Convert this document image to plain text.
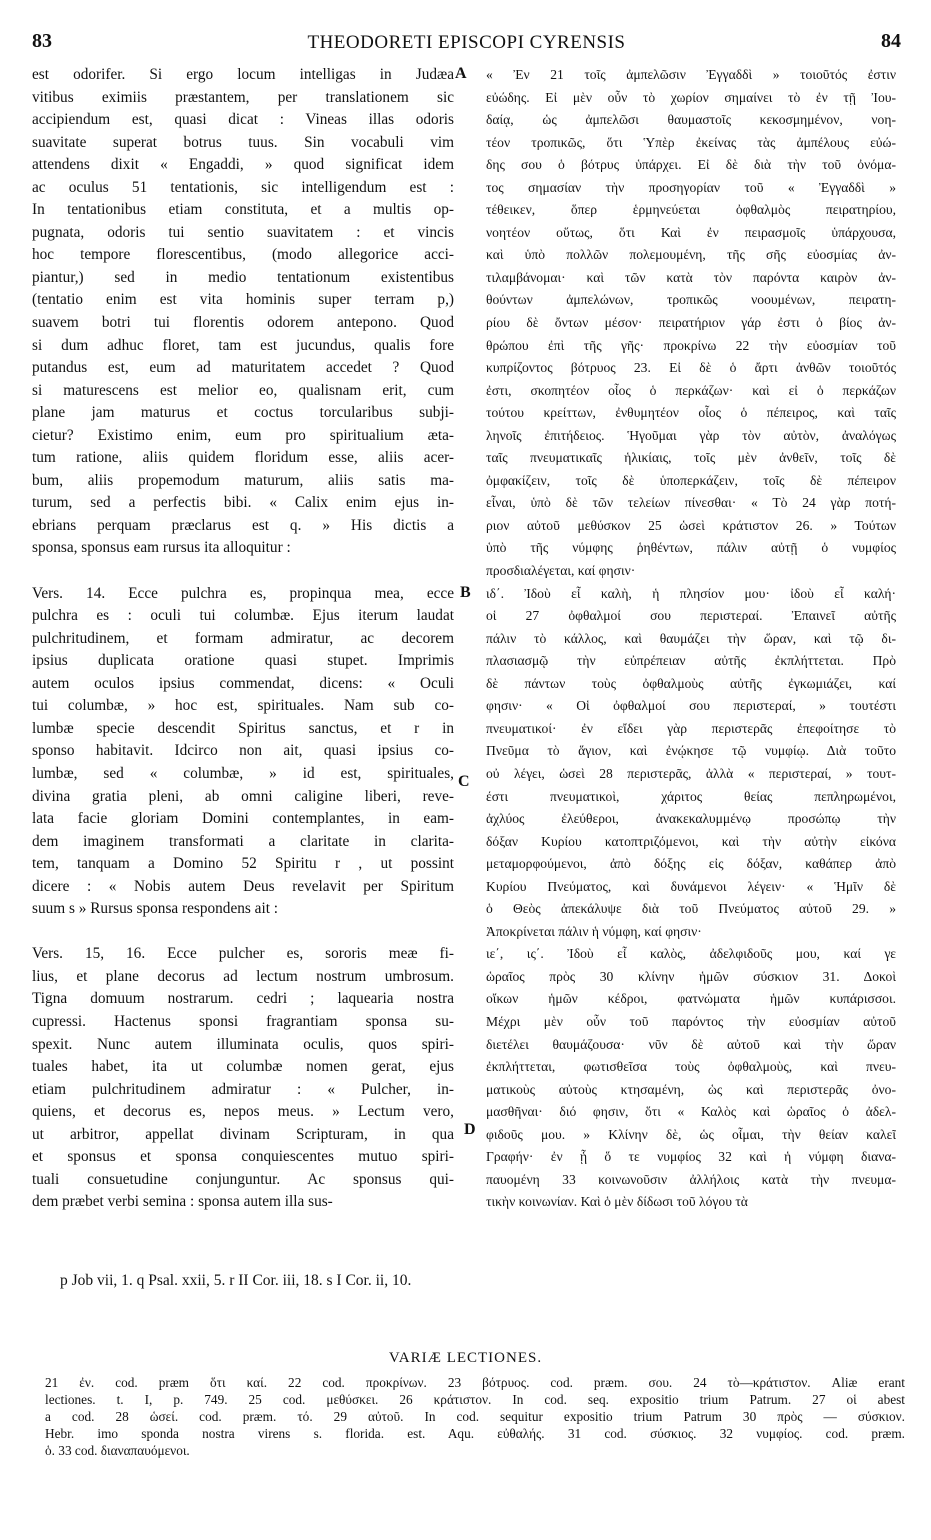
83	THEODORETI EPISCOPI CYRENSIS	84
A
B
C
D
est odorifer. Si ergo locum intelligas in Judæa
vitibus eximiis præstantem, per translationem sic
accipiendum est, quasi dicat : Vineas illas odoris
suavitate superat botrus tuus. Sin vocabuli vim
attendens dixit « Engaddi, » quod significat idem
ac oculus 51 tentationis, sic intelligendum est :
In tentationibus etiam constituta, et a multis op-
pugnata, odoris tui sentio suavitatem : et vincis
hoc tempore florescentibus, (modo allegorice acci-
piantur,) sed in medio tentationum existentibus
(tentatio enim est vita hominis super terram p,)
suavem botri tui florentis odorem antepono. Quod
si dum adhuc floret, tam est jucundus, qualis fore
putandus est, eum ad maturitatem accedet ? Quod
si maturescens est melior eo, qualisnam erit, cum
plane jam maturus et coctus torcularibus subji-
cietur? Existimo enim, eum pro spiritualium æta-
tum ratione, aliis quidem floridum esse, aliis acer-
bum, aliis propemodum maturum, aliis satis ma-
turum, sed a perfectis bibi. « Calix enim ejus in-
ebrians perquam præclarus est q. » His dictis a
sponsa, sponsus eam rursus ita alloquitur :
Vers. 14. Ecce pulchra es, propinqua mea, ecce
pulchra es : oculi tui columbæ. Ejus iterum laudat
pulchritudinem, et formam admiratur, ac decorem
ipsius duplicata oratione quasi stupet. Imprimis
autem oculos ipsius commendat, dicens: « Oculi
tui columbæ, » hoc est, spirituales. Nam sub co-
lumbæ specie descendit Spiritus sanctus, et r in
sponso habitavit. Idcirco non ait, quasi ipsius co-
lumbæ, sed « columbæ, » id est, spirituales,
divina gratia pleni, ab omni caligine liberi, reve-
lata facie gloriam Domini contemplantes, in eam-
dem imaginem transformati a claritate in clarita-
tem, tanquam a Domino 52 Spiritu r , ut possint
dicere : « Nobis autem Deus revelavit per Spiritum
suum s » Rursus sponsa respondens ait :
Vers. 15, 16. Ecce pulcher es, sororis meæ fi-
lius, et plane decorus ad lectum nostrum umbrosum.
Tigna domuum nostrarum. cedri ; laquearia nostra
cupressi. Hactenus sponsi fragrantiam sponsa su-
spexit. Nunc autem illuminata oculis, quos spiri-
tuales habet, ita ut columbæ nomen gerat, ejus
etiam pulchritudinem admiratur : « Pulcher, in-
quiens, et decorus es, nepos meus. » Lectum vero,
ut arbitror, appellat divinam Scripturam, in qua
et sponsus et sponsa conquiescentes mutuo spiri-
tuali consuetudine conjunguntur. Ac sponsus qui-
dem præbet verbi semina : sponsa autem illa sus-
« Ἐν 21 τοῖς ἀμπελῶσιν Ἐγγαδδὶ » τοιοῦτός ἐστιν
εὐώδης. Εἰ μὲν οὖν τὸ χωρίον σημαίνει τὸ ἐν τῇ Ἰου-
δαίᾳ, ὡς ἀμπελῶσι θαυμαστοῖς κεκοσμημένον, νοη-
τέον τροπικῶς, ὅτι Ὑπὲρ ἐκείνας τὰς ἀμπέλους εὐώ-
δης σου ὁ βότρυς ὑπάρχει. Εἰ δὲ διὰ τὴν τοῦ ὀνόμα-
τος σημασίαν τὴν προσηγορίαν τοῦ « Ἐγγαδδὶ »
τέθεικεν, ὅπερ ἑρμηνεύεται ὀφθαλμὸς πειρατηρίου,
νοητέον οὕτως, ὅτι Καὶ ἐν πειρασμοῖς ὑπάρχουσα,
καὶ ὑπὸ πολλῶν πολεμουμένη, τῆς σῆς εὐοσμίας ἀν-
τιλαμβάνομαι· καὶ τῶν κατὰ τὸν παρόντα καιρὸν ἀν-
θούντων ἀμπελώνων, τροπικῶς νοουμένων, πειρατη-
ρίου δὲ ὄντων μέσον· πειρατήριον γάρ ἐστι ὁ βίος ἀν-
θρώπου ἐπὶ τῆς γῆς· προκρίνω 22 τὴν εὐοσμίαν τοῦ
κυπρίζοντος βότρυος 23. Εἰ δὲ ὁ ἄρτι ἀνθῶν τοιοῦτός
ἐστι, σκοπητέον οἷος ὁ περκάζων· καὶ εἰ ὁ περκάζων
τούτου κρείττων, ἐνθυμητέον οἷος ὁ πέπειρος, καὶ ταῖς
ληνοῖς ἐπιτήδειος. Ἡγοῦμαι γὰρ τὸν αὐτὸν, ἀναλόγως
ταῖς πνευματικαῖς ἡλικίαις, τοῖς μὲν ἀνθεῖν, τοῖς δὲ
ὀμφακίζειν, τοῖς δὲ ὑποπερκάζειν, τοῖς δὲ πέπειρον
εἶναι, ὑπὸ δὲ τῶν τελείων πίνεσθαι· « Τὸ 24 γὰρ ποτή-
ριον αὐτοῦ μεθύσκον 25 ὡσεὶ κράτιστον 26. » Τούτων
ὑπὸ τῆς νύμφης ῥηθέντων, πάλιν αὐτῇ ὁ νυμφίος
προσδιαλέγεται, καί φησιν·
ιδ΄. Ἰδοὺ εἶ καλὴ, ἡ πλησίον μου· ἰδοὺ εἶ καλή·
οἱ 27 ὀφθαλμοί σου περιστεραί. Ἐπαινεῖ αὐτῆς
πάλιν τὸ κάλλος, καὶ θαυμάζει τὴν ὥραν, καὶ τῷ δι-
πλασιασμῷ τὴν εὐπρέπειαν αὐτῆς ἐκπλήττεται. Πρὸ
δὲ πάντων τοὺς ὀφθαλμοὺς αὐτῆς ἐγκωμιάζει, καί
φησιν· « Οἱ ὀφθαλμοί σου περιστεραί, » τουτέστι
πνευματικοί· ἐν εἴδει γὰρ περιστερᾶς ἐπεφοίτησε τὸ
Πνεῦμα τὸ ἅγιον, καὶ ἐνῴκησε τῷ νυμφίῳ. Διὰ τοῦτο
οὐ λέγει, ὡσεὶ 28 περιστερᾶς, ἀλλὰ « περιστεραί, » τουτ-
έστι πνευματικοὶ, χάριτος θείας πεπληρωμένοι,
ἀχλύος ἐλεύθεροι, ἀνακεκαλυμμένῳ προσώπῳ τὴν
δόξαν Κυρίου κατοπτριζόμενοι, καὶ τὴν αὐτὴν εἰκόνα
μεταμορφούμενοι, ἀπὸ δόξης εἰς δόξαν, καθάπερ ἀπὸ
Κυρίου Πνεύματος, καὶ δυνάμενοι λέγειν· « Ἡμῖν δὲ
ὁ Θεὸς ἀπεκάλυψε διὰ τοῦ Πνεύματος αὐτοῦ 29. »
Ἀποκρίνεται πάλιν ἡ νύμφη, καί φησιν·
ιε΄, ις΄. Ἰδοὺ εἶ καλὸς, ἀδελφιδοῦς μου, καί γε
ὡραῖος πρὸς 30 κλίνην ἡμῶν σύσκιον 31. Δοκοὶ
οἴκων ἡμῶν κέδροι, φατνώματα ἡμῶν κυπάρισσοι.
Μέχρι μὲν οὖν τοῦ παρόντος τὴν εὐοσμίαν αὐτοῦ
διετέλει θαυμάζουσα· νῦν δὲ αὐτοῦ καὶ τὴν ὥραν
ἐκπλήττεται, φωτισθεῖσα τοὺς ὀφθαλμοὺς, καὶ πνευ-
ματικοὺς αὐτοὺς κτησαμένη, ὡς καὶ περιστερᾶς ὀνο-
μασθῆναι· διό φησιν, ὅτι « Καλὸς καὶ ὡραῖος ὁ ἀδελ-
φιδοῦς μου. » Κλίνην δὲ, ὡς οἶμαι, τὴν θείαν καλεῖ
Γραφήν· ἐν ᾗ ὅ τε νυμφίος 32 καὶ ἡ νύμφη διανα-
παυομένη 33 κοινωνοῦσιν ἀλλήλοις κατὰ τὴν πνευμα-
τικὴν κοινωνίαν. Καὶ ὁ μὲν δίδωσι τοῦ λόγου τὰ
p Job vii, 1. q Psal. xxii, 5. r II Cor. iii, 18. s I Cor. ii, 10.
VARIÆ LECTIONES.
21 ἐν. cod. præm ὅτι καί. 22 cod. προκρίνων. 23 βότρυος. cod. præm. σου. 24 τὸ—κράτιστον. Aliæ erant
lectiones. t. I, p. 749. 25 cod. μεθύσκει. 26 κράτιστον. In cod. seq. expositio trium Patrum. 27 οἱ abest
a cod. 28 ὡσεί. cod. præm. τό. 29 αὐτοῦ. In cod. sequitur expositio trium Patrum 30 πρὸς — σύσκιον.
Hebr. imo sponda nostra virens s. florida. est. Aqu. εὐθαλής. 31 cod. σύσκιος. 32 νυμφίος. cod. præm.
ὁ. 33 cod. διαναπαυόμενοι.
